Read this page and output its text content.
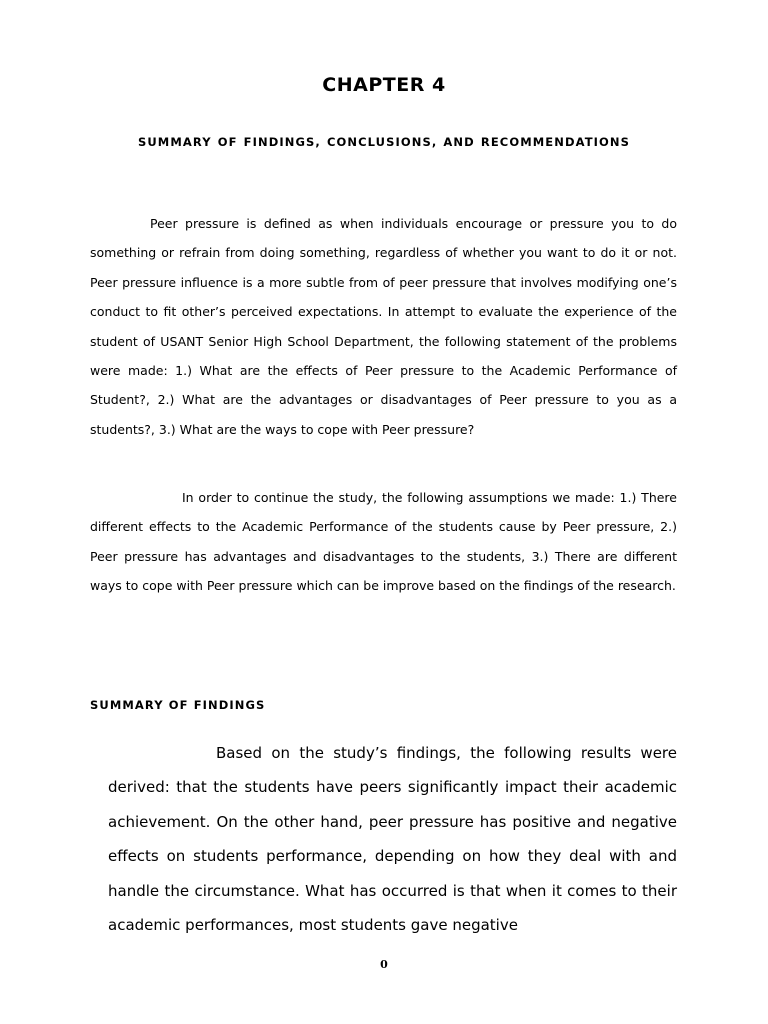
CHAPTER 4
SUMMARY OF FINDINGS, CONCLUSIONS, AND RECOMMENDATIONS

Peer pressure is defined as when individuals encourage or pressure you to do something or refrain from doing something, regardless of whether you want to do it or not. Peer pressure influence is a more subtle from of peer pressure that involves modifying one’s conduct to fit other’s perceived expectations. In attempt to evaluate the experience of the student of USANT Senior High School Department, the following statement of the problems were made: 1.) What are the effects of Peer pressure to the Academic Performance of Student?, 2.) What are the advantages or disadvantages of Peer pressure to you as a students?, 3.) What are the ways to cope with Peer pressure?

In order to continue the study, the following assumptions we made: 1.) There different effects to the Academic Performance of the students cause by Peer pressure, 2.) Peer pressure has advantages and disadvantages to the students, 3.) There are different ways to cope with Peer pressure which can be improve based on the findings of the research.

SUMMARY OF FINDINGS

Based on the study’s findings, the following results were derived: that the students have peers significantly impact their academic achievement. On the other hand, peer pressure has positive and negative effects on students performance, depending on how they deal with and handle the circumstance. What has occurred is that when it comes to their academic performances, most students gave negative

0
